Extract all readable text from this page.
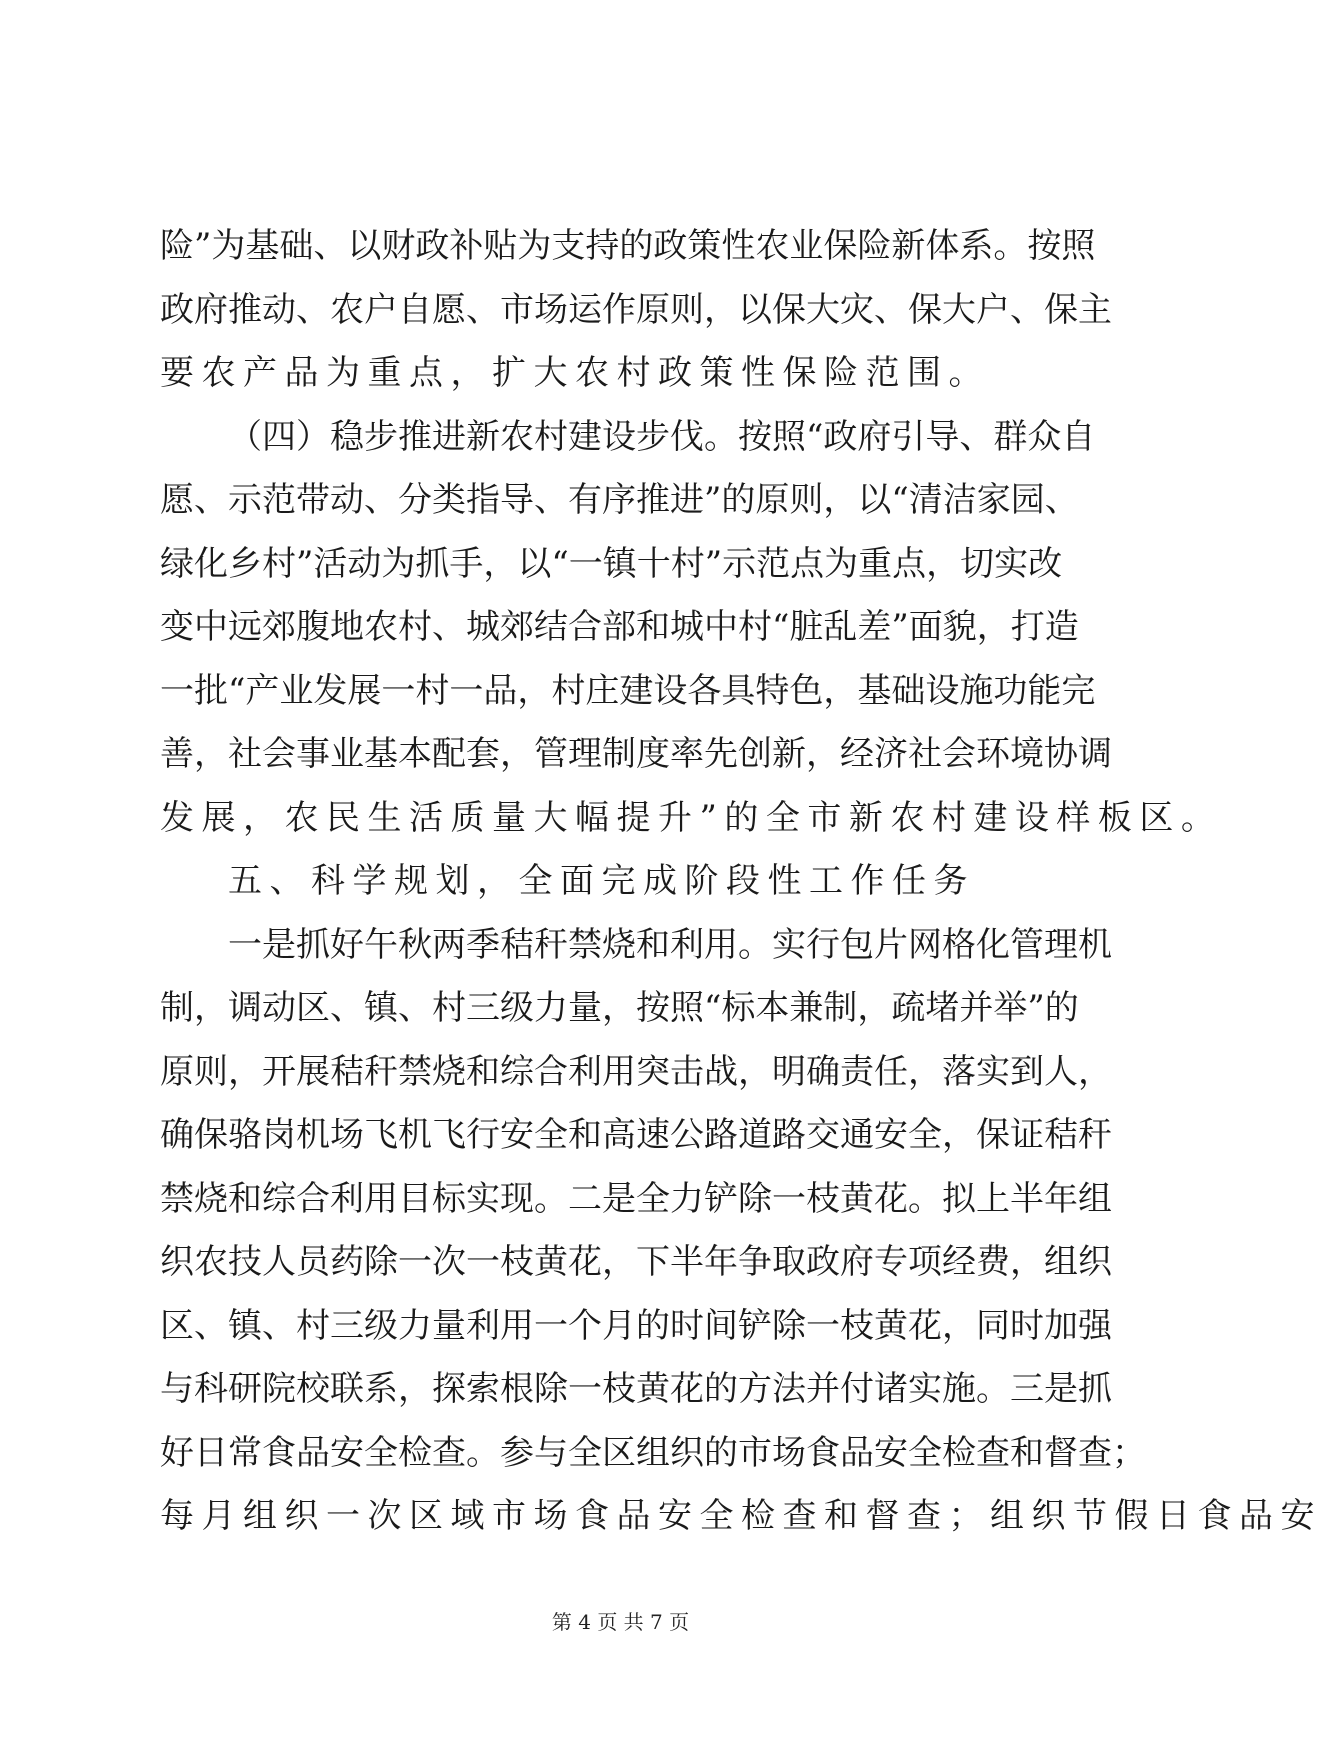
险”为基础、以财政补贴为支持的政策性农业保险新体系。按照
政府推动、农户自愿、市场运作原则，以保大灾、保大户、保主
要农产品为重点，扩大农村政策性保险范围。
（四）稳步推进新农村建设步伐。按照“政府引导、群众自
愿、示范带动、分类指导、有序推进”的原则，以“清洁家园、
绿化乡村”活动为抓手，以“一镇十村”示范点为重点，切实改
变中远郊腹地农村、城郊结合部和城中村“脏乱差”面貌，打造
一批“产业发展一村一品，村庄建设各具特色，基础设施功能完
善，社会事业基本配套，管理制度率先创新，经济社会环境协调
发展，农民生活质量大幅提升”的全市新农村建设样板区。
五、科学规划，全面完成阶段性工作任务
一是抓好午秋两季秸秆禁烧和利用。实行包片网格化管理机
制，调动区、镇、村三级力量，按照“标本兼制，疏堵并举”的
原则，开展秸秆禁烧和综合利用突击战，明确责任，落实到人，
确保骆岗机场飞机飞行安全和高速公路道路交通安全，保证秸秆
禁烧和综合利用目标实现。二是全力铲除一枝黄花。拟上半年组
织农技人员药除一次一枝黄花，下半年争取政府专项经费，组织
区、镇、村三级力量利用一个月的时间铲除一枝黄花，同时加强
与科研院校联系，探索根除一枝黄花的方法并付诸实施。三是抓
好日常食品安全检查。参与全区组织的市场食品安全检查和督查；
每月组织一次区域市场食品安全检查和督查；组织节假日食品安
第 4 页 共 7 页
